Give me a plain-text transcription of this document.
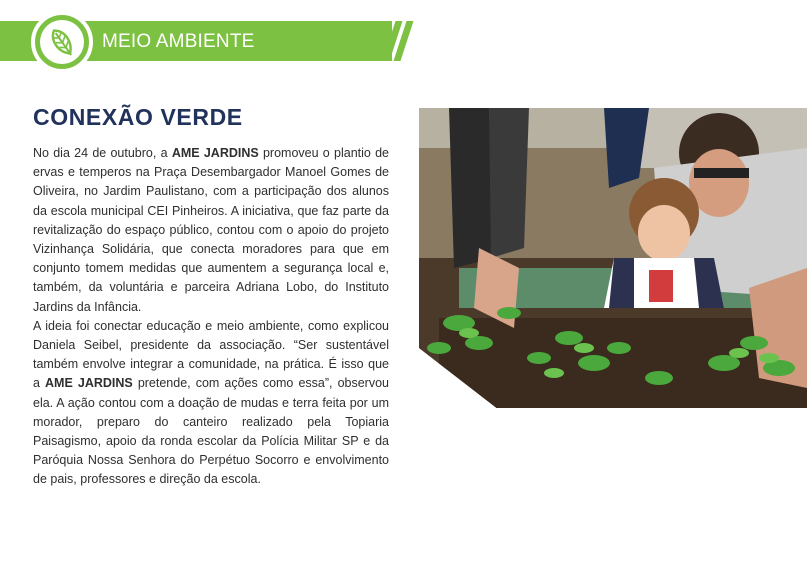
MEIO AMBIENTE
CONEXÃO VERDE

No dia 24 de outubro, a AME JARDINS promoveu o plantio de ervas e temperos na Praça Desembargador Manoel Gomes de Oliveira, no Jardim Paulistano, com a participação dos alunos da escola municipal CEI Pinheiros. A iniciativa, que faz parte da revitalização do espaço público, contou com o apoio do projeto Vizinhança Solidária, que conecta moradores para que em conjunto tomem medidas que aumentem a segurança local e, também, da voluntária e parceira Adriana Lobo, do Instituto Jardins da Infância.

A ideia foi conectar educação e meio ambiente, como explicou Daniela Seibel, presidente da associação. “Ser sustentável também envolve integrar a comunidade, na prática. É isso que a AME JARDINS pretende, com ações como essa”, observou ela. A ação contou com a doação de mudas e terra feita por um morador, preparo do canteiro realizado pela Topiaria Paisagismo, apoio da ronda escolar da Polícia Militar SP e da Paróquia Nossa Senhora do Perpétuo Socorro e envolvimento de pais, professores e direção da escola.
